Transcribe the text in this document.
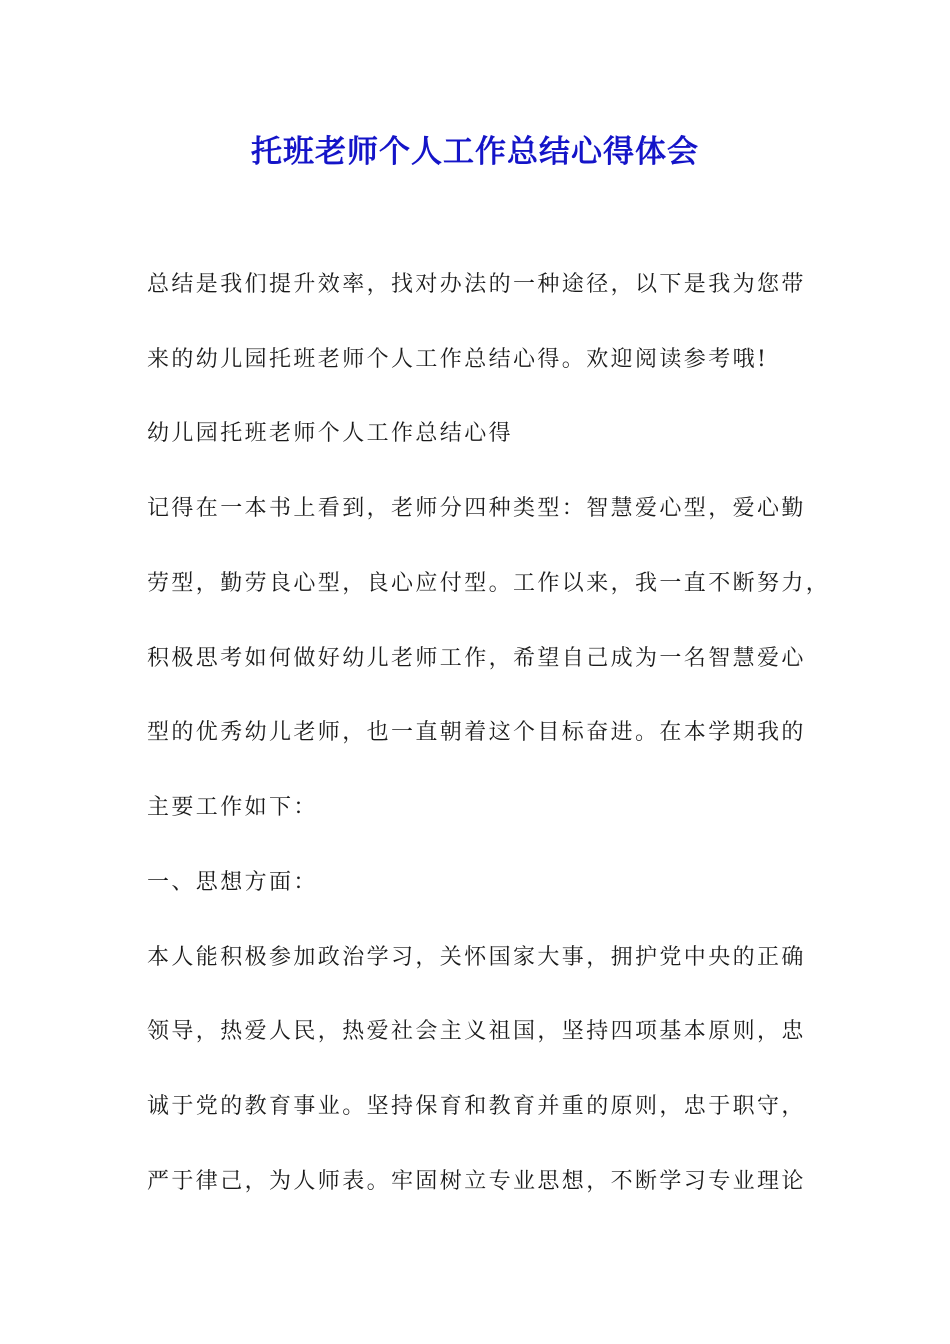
托班老师个人工作总结心得体会
总结是我们提升效率，找对办法的一种途径，以下是我为您带
来的幼儿园托班老师个人工作总结心得。欢迎阅读参考哦!
幼儿园托班老师个人工作总结心得
记得在一本书上看到，老师分四种类型：智慧爱心型，爱心勤
劳型，勤劳良心型，良心应付型。工作以来，我一直不断努力，
积极思考如何做好幼儿老师工作，希望自己成为一名智慧爱心
型的优秀幼儿老师，也一直朝着这个目标奋进。在本学期我的
主要工作如下：
一、思想方面：
本人能积极参加政治学习，关怀国家大事，拥护党中央的正确
领导，热爱人民，热爱社会主义祖国，坚持四项基本原则，忠
诚于党的教育事业。坚持保育和教育并重的原则，忠于职守，
严于律己，为人师表。牢固树立专业思想，不断学习专业理论
